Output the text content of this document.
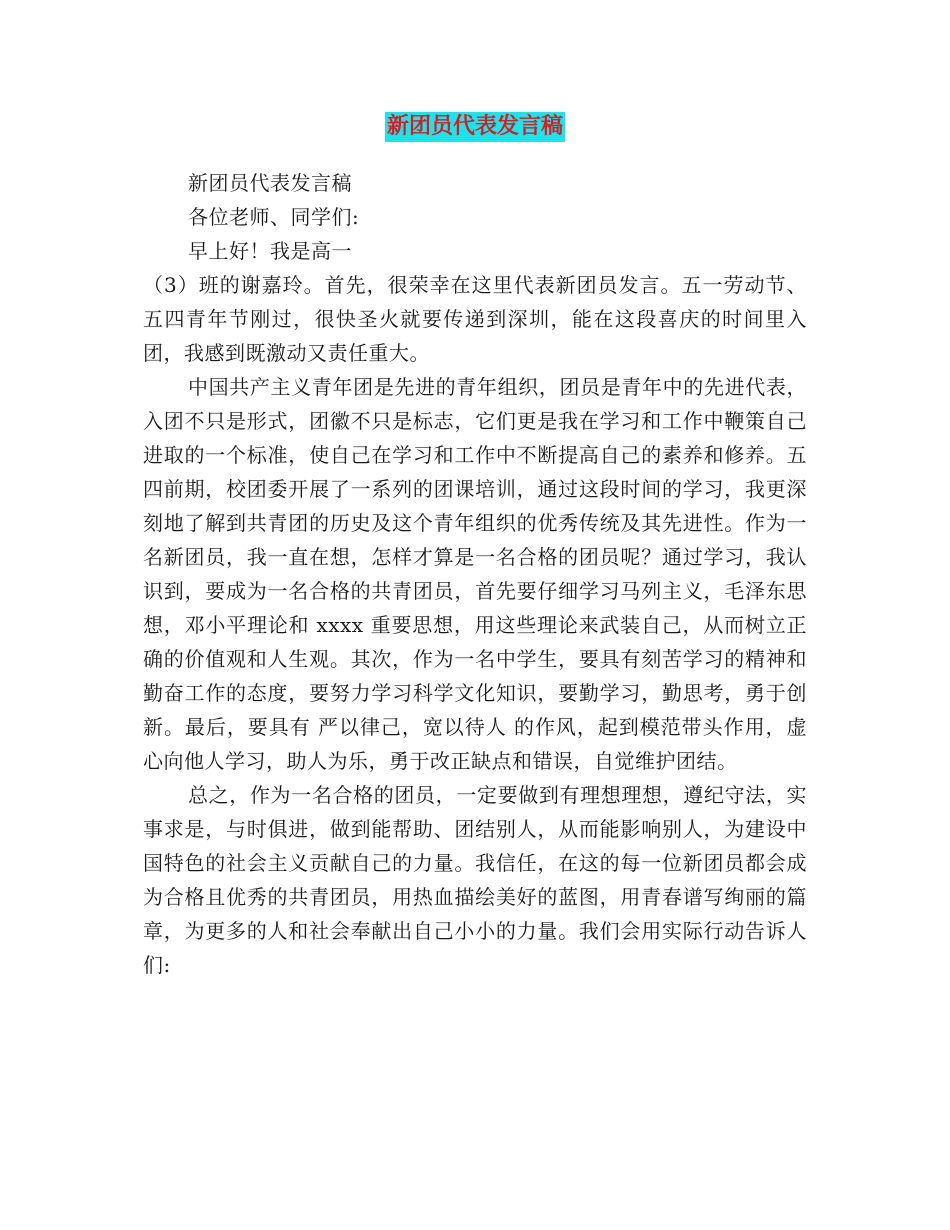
新团员代表发言稿

新团员代表发言稿

各位老师、同学们:

早上好！我是高一

（3）班的谢嘉玲。首先，很荣幸在这里代表新团员发言。五一劳动节、五四青年节刚过，很快圣火就要传递到深圳，能在这段喜庆的时间里入团，我感到既激动又责任重大。

中国共产主义青年团是先进的青年组织，团员是青年中的先进代表，入团不只是形式，团徽不只是标志，它们更是我在学习和工作中鞭策自己进取的一个标准，使自己在学习和工作中不断提高自己的素养和修养。五四前期，校团委开展了一系列的团课培训，通过这段时间的学习，我更深刻地了解到共青团的历史及这个青年组织的优秀传统及其先进性。作为一名新团员，我一直在想，怎样才算是一名合格的团员呢？通过学习，我认识到，要成为一名合格的共青团员，首先要仔细学习马列主义，毛泽东思想，邓小平理论和 xxxx 重要思想，用这些理论来武装自己，从而树立正确的价值观和人生观。其次，作为一名中学生，要具有刻苦学习的精神和勤奋工作的态度，要努力学习科学文化知识，要勤学习，勤思考，勇于创新。最后，要具有 严以律己，宽以待人 的作风，起到模范带头作用，虚心向他人学习，助人为乐，勇于改正缺点和错误，自觉维护团结。

总之，作为一名合格的团员，一定要做到有理想理想，遵纪守法，实事求是，与时俱进，做到能帮助、团结别人，从而能影响别人，为建设中国特色的社会主义贡献自己的力量。我信任，在这的每一位新团员都会成为合格且优秀的共青团员，用热血描绘美好的蓝图，用青春谱写绚丽的篇章，为更多的人和社会奉献出自己小小的力量。我们会用实际行动告诉人们:
